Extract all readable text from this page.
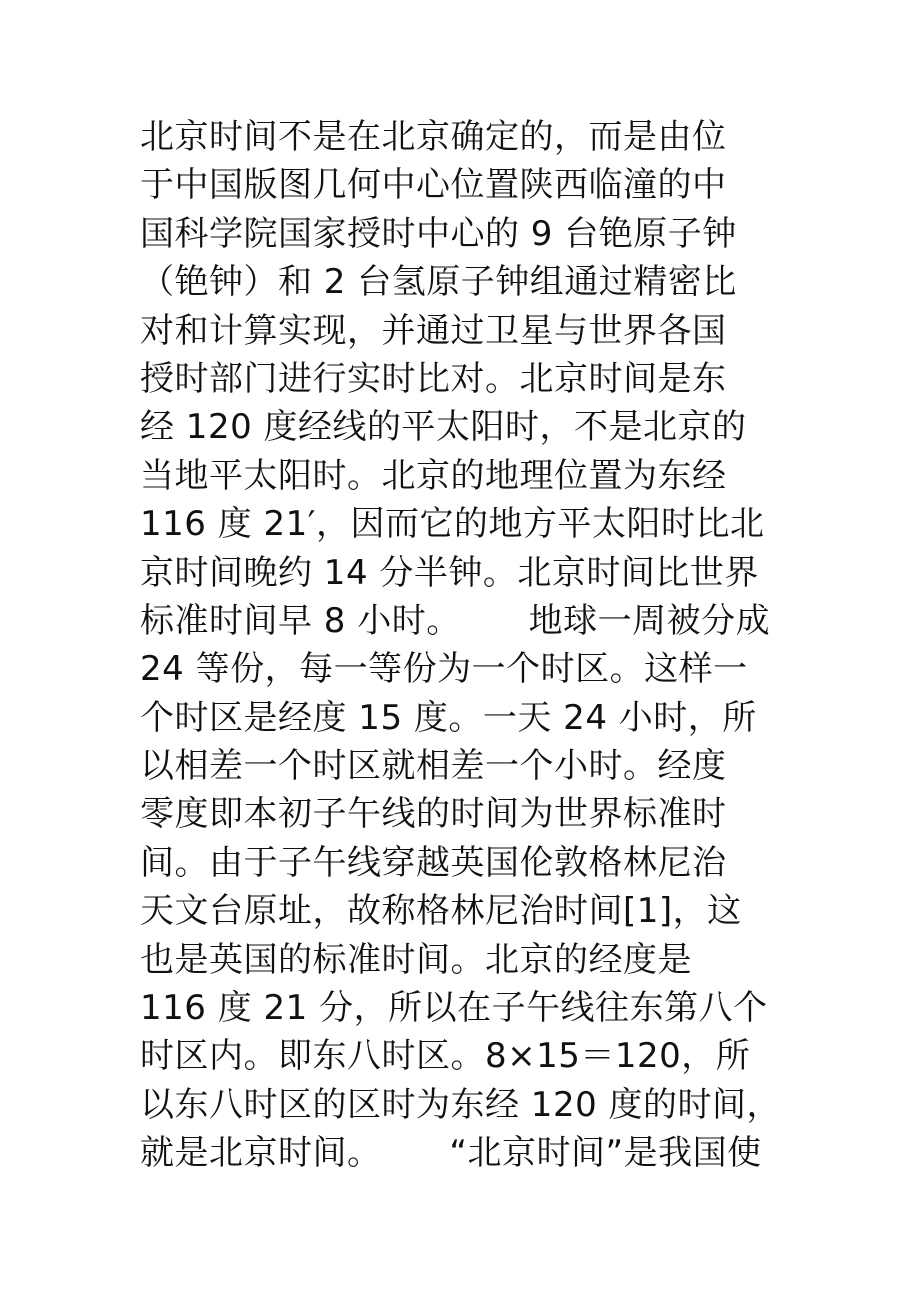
北京时间不是在北京确定的，而是由位
于中国版图几何中心位置陕西临潼的中
国科学院国家授时中心的 9 台铯原子钟
（铯钟）和 2 台氢原子钟组通过精密比
对和计算实现，并通过卫星与世界各国
授时部门进行实时比对。北京时间是东
经 120 度经线的平太阳时，不是北京的
当地平太阳时。北京的地理位置为东经
116 度 21′，因而它的地方平太阳时比北
京时间晚约 14 分半钟。北京时间比世界
标准时间早 8 小时。      地球一周被分成
24 等份，每一等份为一个时区。这样一
个时区是经度 15 度。一天 24 小时，所
以相差一个时区就相差一个小时。经度
零度即本初子午线的时间为世界标准时
间。由于子午线穿越英国伦敦格林尼治
天文台原址，故称格林尼治时间[1]，这
也是英国的标准时间。北京的经度是
116 度 21 分，所以在子午线往东第八个
时区内。即东八时区。8×15＝120，所
以东八时区的区时为东经 120 度的时间，
就是北京时间。      “北京时间”是我国使
